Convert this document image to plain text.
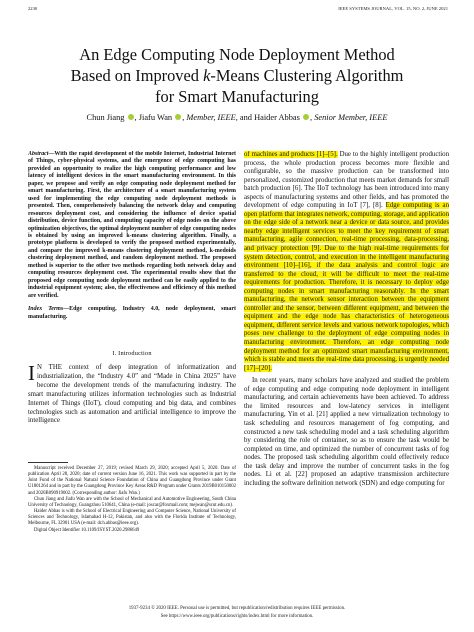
2230	IEEE SYSTEMS JOURNAL, VOL. 15, NO. 2, JUNE 2021
An Edge Computing Node Deployment Method
Based on Improved k-Means Clustering Algorithm
for Smart Manufacturing
Chun Jiang , Jiafu Wan , Member, IEEE, and Haider Abbas , Senior Member, IEEE

Abstract—With the rapid development of the mobile Internet, Industrial Internet of Things, cyber-physical systems, and the emergence of edge computing has provided an opportunity to realize the high computing performance and low latency of intelligent devices in the smart manufacturing environment. In this paper, we propose and verify an edge computing node deployment method for smart manufacturing. First, the architecture of a smart manufacturing system used for implementing the edge computing node deployment methods is presented. Then, comprehensively balancing the network delay and computing resources deployment cost, and considering the influence of device spatial distribution, device function, and computing capacity of edge nodes on the above optimization objectives, the optimal deployment number of edge computing nodes is obtained by using an improved k-means clustering algorithm. Finally, a prototype platform is developed to verify the proposed method experimentally, and compare the improved k-means clustering deployment method, k-medoids clustering deployment method, and random deployment method. The proposed method is superior to the other two methods regarding both network delay and computing resources deployment cost. The experimental results show that the proposed edge computing node deployment method can be easily applied to the industrial equipment system; also, the effectiveness and efficiency of this method are verified.

Index Terms—Edge computing, Industry 4.0, node deployment, smart manufacturing.

I. Introduction

I N THE context of deep integration of informatization and industrialization, the “Industry 4.0” and “Made in China 2025” have become the development trends of the manufacturing industry. The smart manufacturing utilizes information technologies such as Industrial Internet of Things (IIoT), cloud computing and big data, and combines technologies such as automation and artificial intelligence to improve the intelligence

Manuscript received December 27, 2019; revised March 29, 2020; accepted April 5, 2020. Date of publication April 28, 2020; date of current version June 16, 2021. This work was supported in part by the Joint Fund of the National Natural Science Foundation of China and Guangdong Province under Grant U1801264 and in part by the Guangdong Province Key Areas R&D Program under Grants 2019B010150002 and 2020B090919002. (Corresponding author: Jiafu Wan.)
Chun Jiang and Jiafu Wan are with the School of Mechanical and Automotive Engineering, South China University of Technology, Guangzhou 510641, China (e-mail: joscar@foxmail.com; mejwan@scut.edu.cn).
Haider Abbas is with the School of Electrical Engineering and Computer Science, National University of Sciences and Technology, Islamabad H-12, Pakistan, and also with the Florida Institute of Technology, Melbourne, FL 32901 USA (e-mail: dr.h.abbas@ieee.org).
Digital Object Identifier 10.1109/JSYST.2020.2986649

of machines and products [1]–[5]. Due to the highly intelligent production process, the whole production process becomes more flexible and configurable, so the massive production can be transformed into personalized, customized production that meets market demands for small batch production [6]. The IIoT technology has been introduced into many aspects of manufacturing systems and other fields, and has promoted the development of edge computing in IoT [7], [8]. Edge computing is an open platform that integrates network, computing, storage, and application on the edge side of a network near a device or data source, and provides nearby edge intelligent services to meet the key requirement of smart manufacturing, agile connection, real-time processing, data-processing, and privacy protection [9]. Due to the high real-time requirements for system detection, control, and execution in the intelligent manufacturing environment [10]–[16], if the data analysis and control logic are transferred to the cloud, it will be difficult to meet the real-time requirements for production. Therefore, it is necessary to deploy edge computing nodes in smart manufacturing reasonably. In the smart manufacturing, the network sensor interaction between the equipment controller and the sensor, between different equipment, and between the equipment and the edge node has characteristics of heterogeneous equipment, different service levels and various network topologies, which poses new challenge to the deployment of edge computing nodes in manufacturing environment. Therefore, an edge computing node deployment method for an optimized smart manufacturing environment, which is stable and meets the real-time data processing, is urgently needed [17]–[20].

In recent years, many scholars have analyzed and studied the problem of edge computing and edge computing node deployment in intelligent manufacturing, and certain achievements have been achieved. To address the limited resources and low-latency services in intelligent manufacturing, Yin et al. [21] applied a new virtualization technology to task scheduling and resources management of fog computing, and constructed a new task scheduling model and a task scheduling algorithm by considering the role of container, so as to ensure the task would be completed on time, and optimized the number of concurrent tasks of fog nodes. The proposed task scheduling algorithm could effectively reduce the task delay and improve the number of concurrent tasks in the fog nodes. Li et al. [22] proposed an adaptive transmission architecture including the software definition network (SDN) and edge computing for

1937-9234 © 2020 IEEE. Personal use is permitted, but republication/redistribution requires IEEE permission.
See https://www.ieee.org/publications/rights/index.html for more information.
